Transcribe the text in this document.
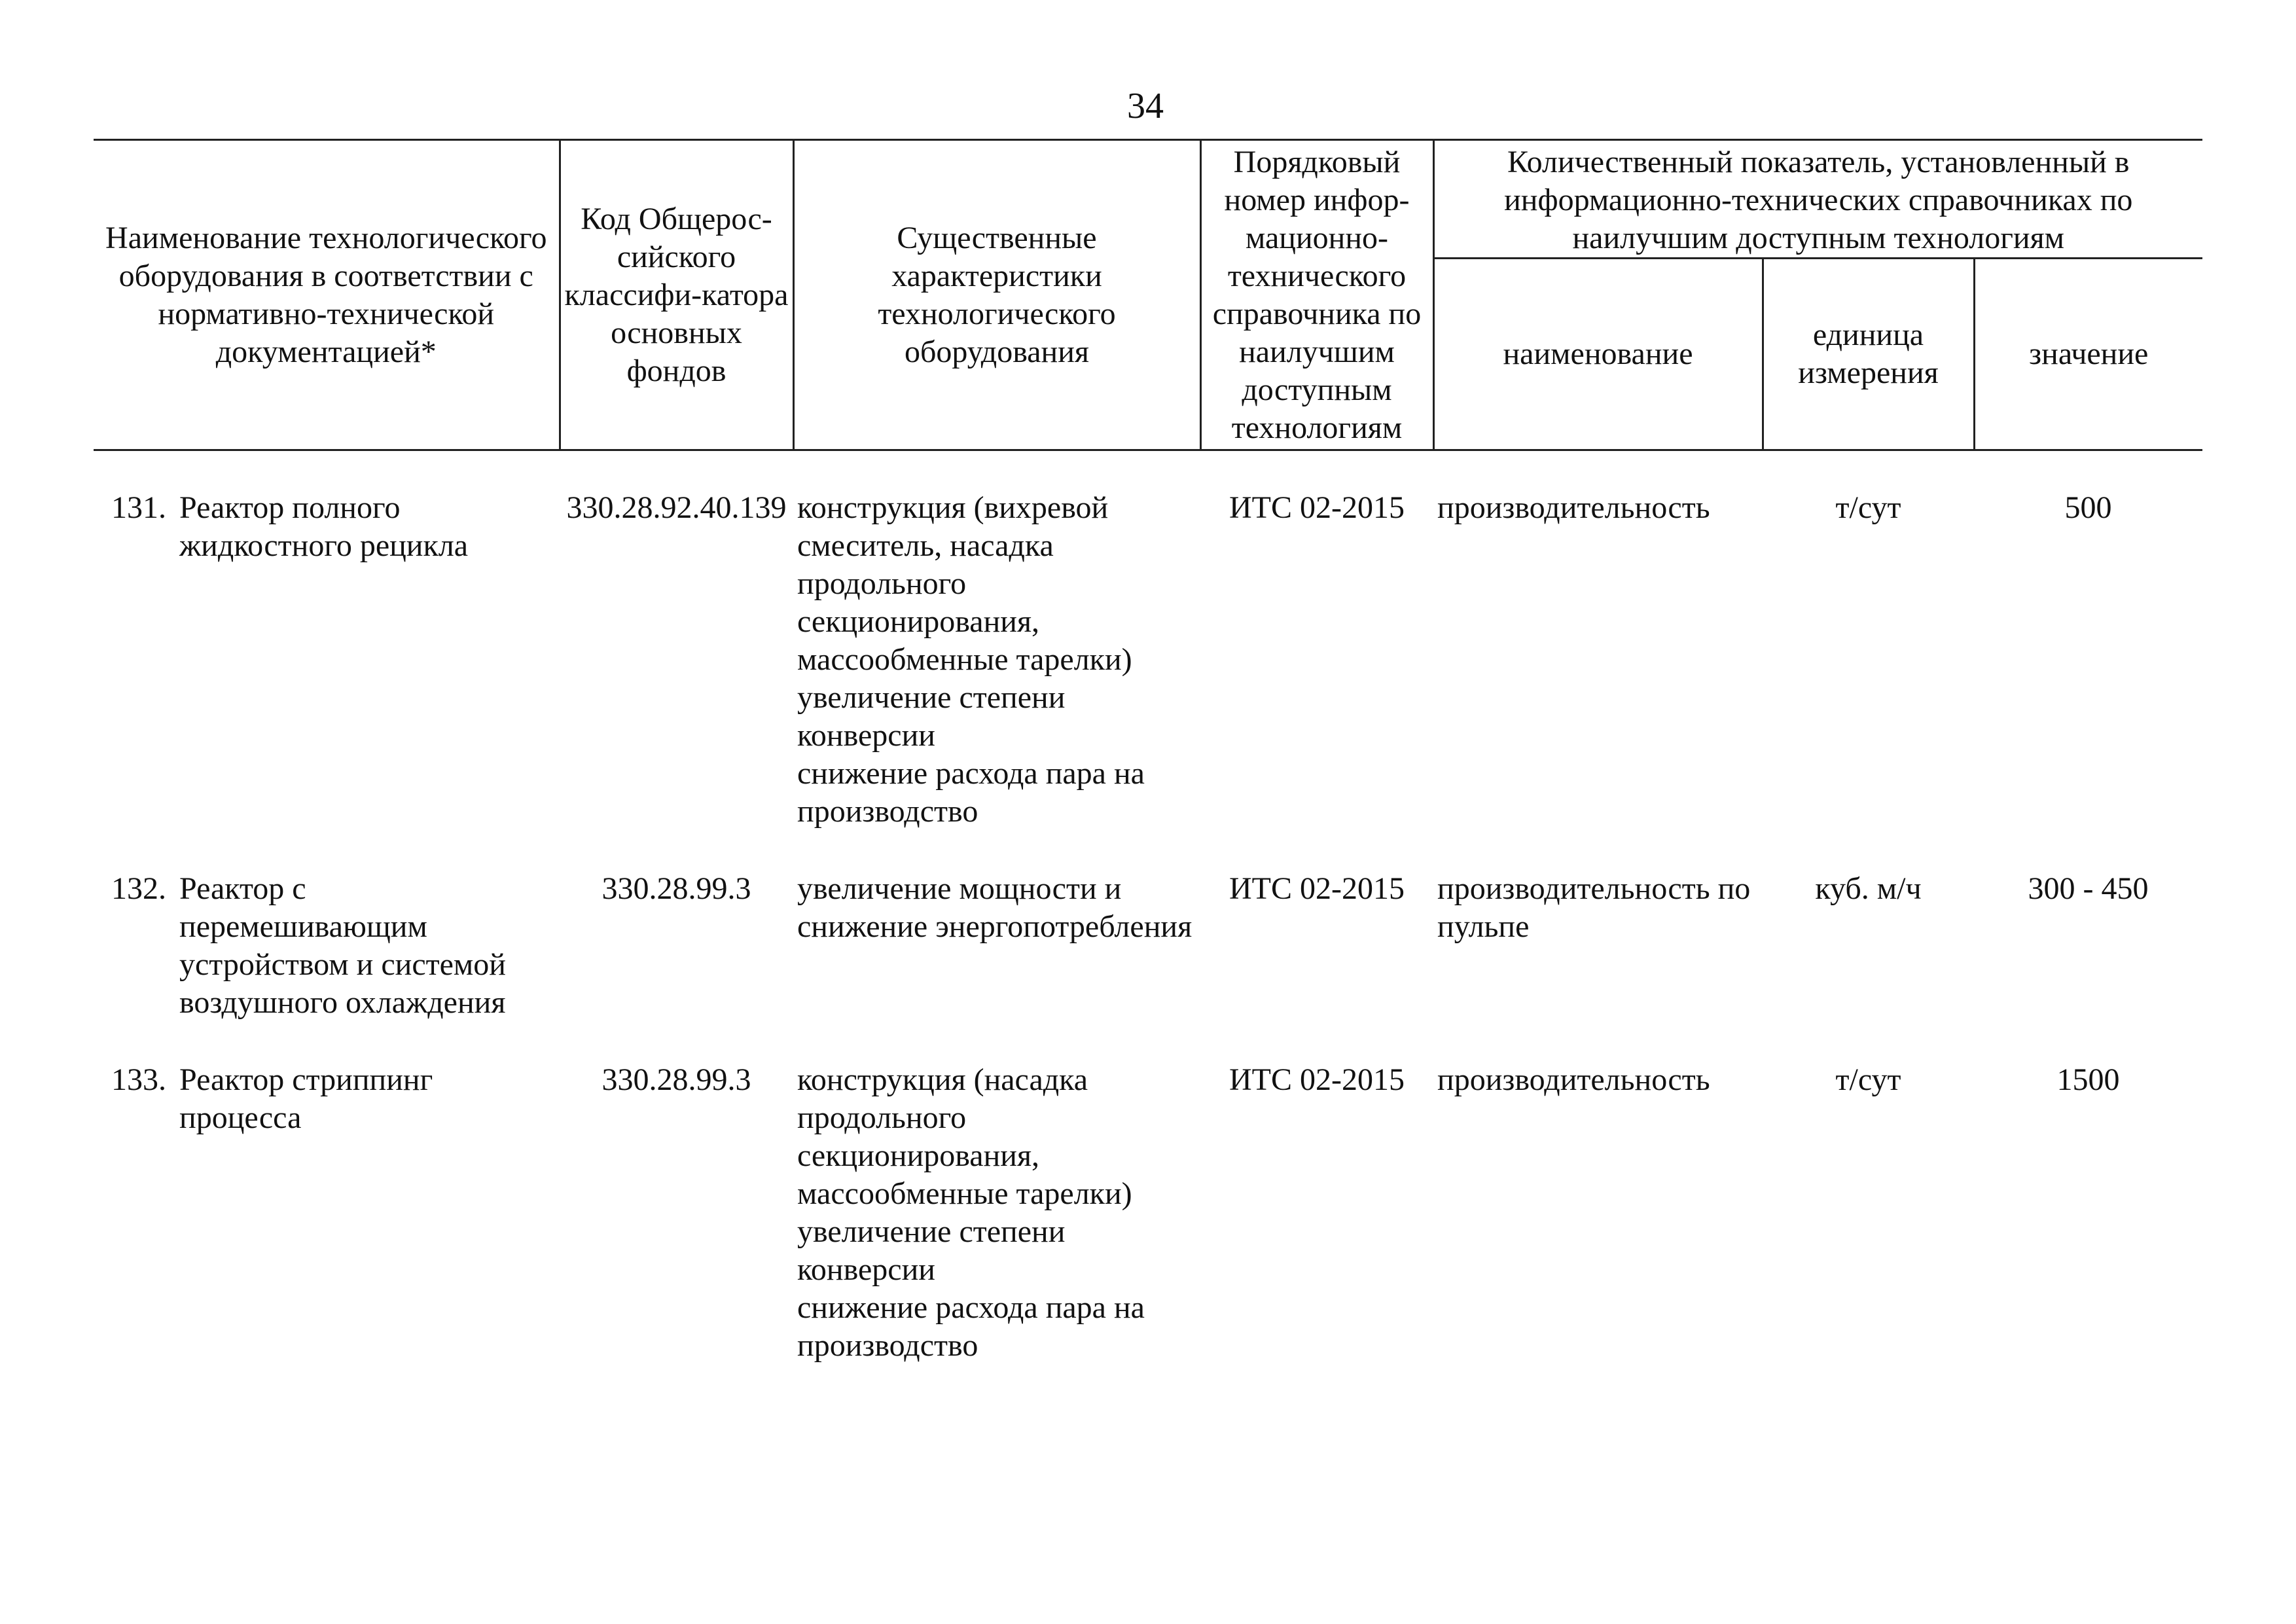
34
Наименование технологического оборудования в соответствии с нормативно-технической документацией*	Код Общерос-сийского классифи-катора основных фондов	Существенные характеристики технологического оборудования	Порядковый номер инфор-мационно-технического справочника по наилучшим доступным технологиям	Количественный показатель, установленный в информационно-технических справочниках по наилучшим доступным технологиям		
				наименование	единица измерения	значение

131. Реактор полного жидкостного рецикла	330.28.92.40.139	конструкция (вихревой смеситель, насадка продольного секционирования, массообменные тарелки)
увеличение степени конверсии
снижение расхода пара на производство	ИТС 02-2015	производительность	т/сут	500

132. Реактор с перемешивающим устройством и системой воздушного охлаждения	330.28.99.3	увеличение мощности и снижение энергопотребления	ИТС 02-2015	производительность по пульпе	куб. м/ч	300 - 450

133. Реактор стриппинг процесса	330.28.99.3	конструкция (насадка продольного секционирования, массообменные тарелки)
увеличение степени конверсии
снижение расхода пара на производство	ИТС 02-2015	производительность	т/сут	1500
